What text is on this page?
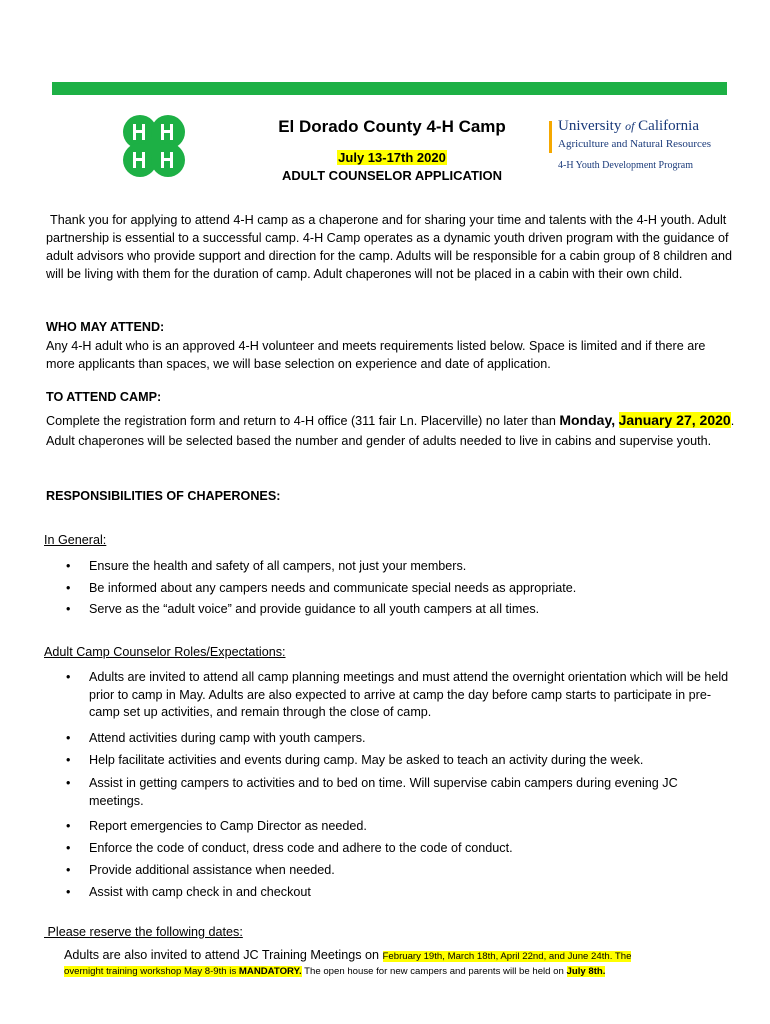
El Dorado County 4-H Camp
July 13-17th 2020
ADULT COUNSELOR APPLICATION
University of California
Agriculture and Natural Resources
4-H Youth Development Program

Thank you for applying to attend 4-H camp as a chaperone and for sharing your time and talents with the 4-H youth. Adult partnership is essential to a successful camp. 4-H Camp operates as a dynamic youth driven program with the guidance of adult advisors who provide support and direction for the camp. Adults will be responsible for a cabin group of 8 children and will be living with them for the duration of camp. Adult chaperones will not be placed in a cabin with their own child.

WHO MAY ATTEND:

Any 4-H adult who is an approved 4-H volunteer and meets requirements listed below. Space is limited and if there are more applicants than spaces, we will base selection on experience and date of application.

TO ATTEND CAMP:

Complete the registration form and return to 4-H office (311 fair Ln. Placerville) no later than Monday, January 27, 2020. Adult chaperones will be selected based the number and gender of adults needed to live in cabins and supervise youth.

RESPONSIBILITIES OF CHAPERONES:
In General:
• Ensure the health and safety of all campers, not just your members.
• Be informed about any campers needs and communicate special needs as appropriate.
• Serve as the “adult voice” and provide guidance to all youth campers at all times.
Adult Camp Counselor Roles/Expectations:
• Adults are invited to attend all camp planning meetings and must attend the overnight orientation which will be held prior to camp in May. Adults are also expected to arrive at camp the day before camp starts to participate in pre-camp set up activities, and remain through the close of camp.
• Attend activities during camp with youth campers.
• Help facilitate activities and events during camp. May be asked to teach an activity during the week.
• Assist in getting campers to activities and to bed on time. Will supervise cabin campers during evening JC meetings.
• Report emergencies to Camp Director as needed.
• Enforce the code of conduct, dress code and adhere to the code of conduct.
• Provide additional assistance when needed.
• Assist with camp check in and checkout
Please reserve the following dates:
Adults are also invited to attend JC Training Meetings on February 19th, March 18th, April 22nd, and June 24th. The
overnight training workshop May 8-9th is MANDATORY. The open house for new campers and parents will be held on July 8th.
